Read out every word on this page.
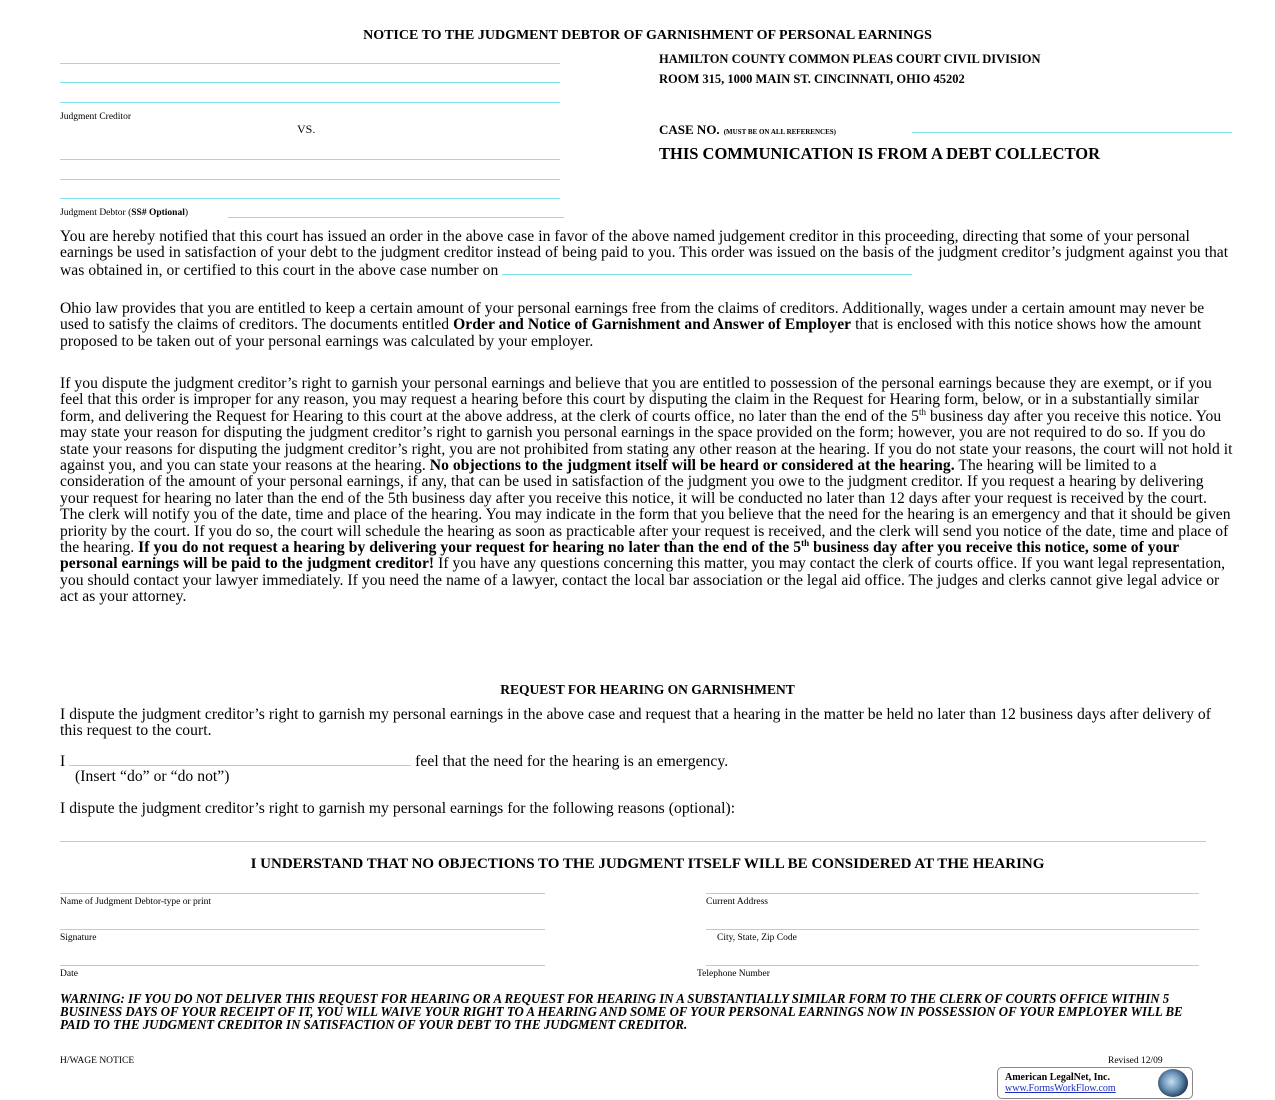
NOTICE TO THE JUDGMENT DEBTOR OF GARNISHMENT OF PERSONAL EARNINGS
Judgment Creditor
VS.
Judgment Debtor (SS# Optional)
HAMILTON COUNTY COMMON PLEAS COURT CIVIL DIVISION
ROOM 315, 1000 MAIN ST. CINCINNATI, OHIO 45202
CASE NO. (MUST BE ON ALL REFERENCES)
THIS COMMUNICATION IS FROM A DEBT COLLECTOR
You are hereby notified that this court has issued an order in the above case in favor of the above named judgement creditor in this proceeding, directing that some of your personal earnings be used in satisfaction of your debt to the judgment creditor instead of being paid to you. This order was issued on the basis of the judgment creditor’s judgment against you that was obtained in, or certified to this court in the above case number on
Ohio law provides that you are entitled to keep a certain amount of your personal earnings free from the claims of creditors. Additionally, wages under a certain amount may never be used to satisfy the claims of creditors. The documents entitled Order and Notice of Garnishment and Answer of Employer that is enclosed with this notice shows how the amount proposed to be taken out of your personal earnings was calculated by your employer.
If you dispute the judgment creditor’s right to garnish your personal earnings and believe that you are entitled to possession of the personal earnings because they are exempt, or if you feel that this order is improper for any reason, you may request a hearing before this court by disputing the claim in the Request for Hearing form, below, or in a substantially similar form, and delivering the Request for Hearing to this court at the above address, at the clerk of courts office, no later than the end of the 5th business day after you receive this notice. You may state your reason for disputing the judgment creditor’s right to garnish you personal earnings in the space provided on the form; however, you are not required to do so. If you do state your reasons for disputing the judgment creditor’s right, you are not prohibited from stating any other reason at the hearing. If you do not state your reasons, the court will not hold it against you, and you can state your reasons at the hearing. No objections to the judgment itself will be heard or considered at the hearing. The hearing will be limited to a consideration of the amount of your personal earnings, if any, that can be used in satisfaction of the judgment you owe to the judgment creditor. If you request a hearing by delivering your request for hearing no later than the end of the 5th business day after you receive this notice, it will be conducted no later than 12 days after your request is received by the court. The clerk will notify you of the date, time and place of the hearing. You may indicate in the form that you believe that the need for the hearing is an emergency and that it should be given priority by the court. If you do so, the court will schedule the hearing as soon as practicable after your request is received, and the clerk will send you notice of the date, time and place of the hearing. If you do not request a hearing by delivering your request for hearing no later than the end of the 5th business day after you receive this notice, some of your personal earnings will be paid to the judgment creditor! If you have any questions concerning this matter, you may contact the clerk of courts office. If you want legal representation, you should contact your lawyer immediately. If you need the name of a lawyer, contact the local bar association or the legal aid office. The judges and clerks cannot give legal advice or act as your attorney.
REQUEST FOR HEARING ON GARNISHMENT
I dispute the judgment creditor’s right to garnish my personal earnings in the above case and request that a hearing in the matter be held no later than 12 business days after delivery of this request to the court.
I	feel that the need for the hearing is an emergency.
(Insert “do” or “do not”)
I dispute the judgment creditor’s right to garnish my personal earnings for the following reasons (optional):
I UNDERSTAND THAT NO OBJECTIONS TO THE JUDGMENT ITSELF WILL BE CONSIDERED AT THE HEARING
Name of Judgment Debtor-type or print
Signature
Date
Current Address
City, State, Zip Code
Telephone Number
WARNING: IF YOU DO NOT DELIVER THIS REQUEST FOR HEARING OR A REQUEST FOR HEARING IN A SUBSTANTIALLY SIMILAR FORM TO THE CLERK OF COURTS OFFICE WITHIN 5 BUSINESS DAYS OF YOUR RECEIPT OF IT, YOU WILL WAIVE YOUR RIGHT TO A HEARING AND SOME OF YOUR PERSONAL EARNINGS NOW IN POSSESSION OF YOUR EMPLOYER WILL BE PAID TO THE JUDGMENT CREDITOR IN SATISFACTION OF YOUR DEBT TO THE JUDGMENT CREDITOR.
H/WAGE NOTICE	Revised 12/09
American LegalNet, Inc.
www.FormsWorkFlow.com
